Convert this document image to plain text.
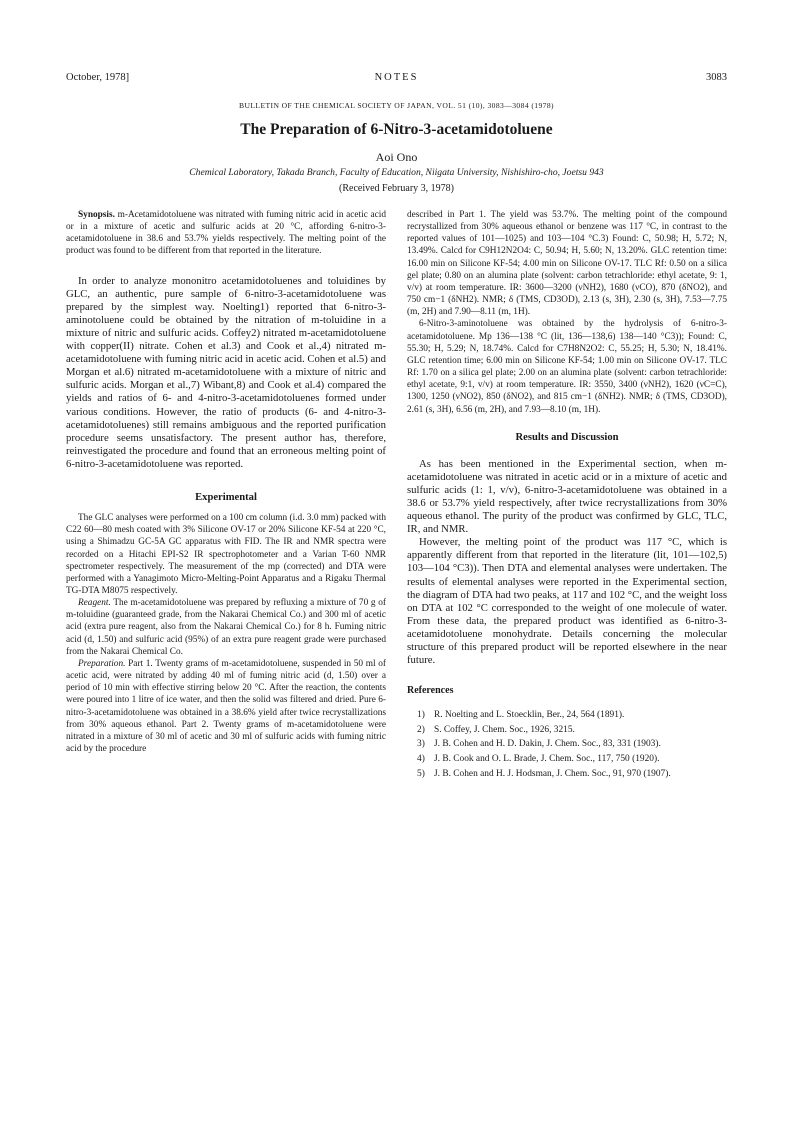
October, 1978]	NOTES	3083
BULLETIN OF THE CHEMICAL SOCIETY OF JAPAN, VOL. 51 (10), 3083—3084 (1978)
The Preparation of 6-Nitro-3-acetamidotoluene
Aoi Ono
Chemical Laboratory, Takada Branch, Faculty of Education, Niigata University, Nishishiro-cho, Joetsu 943
(Received February 3, 1978)

Synopsis. m-Acetamidotoluene was nitrated with fuming nitric acid in acetic acid or in a mixture of acetic and sulfuric acids at 20 °C, affording 6-nitro-3-acetamidotoluene in 38.6 and 53.7% yields respectively. The melting point of the product was found to be different from that reported in the literature.

In order to analyze mononitro acetamidotoluenes and toluidines by GLC, an authentic, pure sample of 6-nitro-3-acetamidotoluene was prepared by the simplest way. Noelting1) reported that 6-nitro-3-aminotoluene could be obtained by the nitration of m-toluidine in a mixture of nitric and sulfuric acids. Coffey2) nitrated m-acetamidotoluene with copper(II) nitrate. Cohen et al.3) and Cook et al.,4) nitrated m-acetamidotoluene with fuming nitric acid in acetic acid. Cohen et al.5) and Morgan et al.6) nitrated m-acetamidotoluene with a mixture of nitric and sulfuric acids. Morgan et al.,7) Wibant,8) and Cook et al.4) compared the yields and ratios of 6- and 4-nitro-3-acetamidotoluenes formed under various conditions. However, the ratio of products (6- and 4-nitro-3-acetamidotoluenes) still remains ambiguous and the reported purification procedure seems unsatisfactory. The present author has, therefore, reinvestigated the procedure and found that an erroneous melting point of 6-nitro-3-acetamidotoluene was reported.

Experimental

The GLC analyses were performed on a 100 cm column (i.d. 3.0 mm) packed with C22 60—80 mesh coated with 3% Silicone OV-17 or 20% Silicone KF-54 at 220 °C, using a Shimadzu GC-5A GC apparatus with FID. The IR and NMR spectra were recorded on a Hitachi EPI-S2 IR spectrophotometer and a Varian T-60 NMR spectrometer respectively. The measurement of the mp (corrected) and DTA were performed with a Yanagimoto Micro-Melting-Point Apparatus and a Rigaku Thermal TG-DTA M8075 respectively.

Reagent. The m-acetamidotoluene was prepared by refluxing a mixture of 70 g of m-toluidine (guaranteed grade, from the Nakarai Chemical Co.) and 300 ml of acetic acid (extra pure reagent, also from the Nakarai Chemical Co.) for 8 h. Fuming nitric acid (d, 1.50) and sulfuric acid (95%) of an extra pure reagent grade were purchased from the Nakarai Chemical Co.

Preparation. Part 1. Twenty grams of m-acetamidotoluene, suspended in 50 ml of acetic acid, were nitrated by adding 40 ml of fuming nitric acid (d, 1.50) over a period of 10 min with effective stirring below 20 °C. After the reaction, the contents were poured into 1 litre of ice water, and then the solid was filtered and dried. Pure 6-nitro-3-acetamidotoluene was obtained in a 38.6% yield after twice recrystallizations from 30% aqueous ethanol. Part 2. Twenty grams of m-acetamidotoluene were nitrated in a mixture of 30 ml of acetic and 30 ml of sulfuric acids with fuming nitric acid by the procedure

described in Part 1. The yield was 53.7%. The melting point of the compound recrystallized from 30% aqueous ethanol or benzene was 117 °C, in contrast to the reported values of 101—1025) and 103—104 °C.3) Found: C, 50.98; H, 5.72; N, 13.49%. Calcd for C9H12N2O4: C, 50.94; H, 5.60; N, 13.20%. GLC retention time: 16.00 min on Silicone KF-54; 4.00 min on Silicone OV-17. TLC Rf: 0.50 on a silica gel plate; 0.80 on an alumina plate (solvent: carbon tetrachloride: ethyl acetate, 9: 1, v/v) at room temperature. IR: 3600—3200 (νNH2), 1680 (νCO), 870 (δNO2), and 750 cm−1 (δNH2). NMR; δ (TMS, CD3OD), 2.13 (s, 3H), 2.30 (s, 3H), 7.53—7.75 (m, 2H) and 7.90—8.11 (m, 1H).

6-Nitro-3-aminotoluene was obtained by the hydrolysis of 6-nitro-3-acetamidotoluene. Mp 136—138 °C (lit, 136—138,6) 138—140 °C3)); Found: C, 55.30; H, 5.29; N, 18.74%. Calcd for C7H8N2O2: C, 55.25; H, 5.30; N, 18.41%. GLC retention time; 6.00 min on Silicone KF-54; 1.00 min on Silicone OV-17. TLC Rf: 1.70 on a silica gel plate; 2.00 on an alumina plate (solvent: carbon tetrachloride: ethyl acetate, 9:1, v/v) at room temperature. IR: 3550, 3400 (νNH2), 1620 (νC=C), 1300, 1250 (νNO2), 850 (δNO2), and 815 cm−1 (δNH2). NMR; δ (TMS, CD3OD), 2.61 (s, 3H), 6.56 (m, 2H), and 7.93—8.10 (m, 1H).

Results and Discussion

As has been mentioned in the Experimental section, when m-acetamidotoluene was nitrated in acetic acid or in a mixture of acetic and sulfuric acids (1: 1, v/v), 6-nitro-3-acetamidotoluene was obtained in a 38.6 or 53.7% yield respectively, after twice recrystallizations from 30% aqueous ethanol. The purity of the product was confirmed by GLC, TLC, IR, and NMR.

However, the melting point of the product was 117 °C, which is apparently different from that reported in the literature (lit, 101—102,5) 103—104 °C3)). Then DTA and elemental analyses were undertaken. The results of elemental analyses were reported in the Experimental section, the diagram of DTA had two peaks, at 117 and 102 °C, and the weight loss on DTA at 102 °C corresponded to the weight of one molecule of water. From these data, the prepared product was identified as 6-nitro-3-acetamidotoluene monohydrate. Details concerning the molecular structure of this prepared product will be reported elsewhere in the near future.

References
1) R. Noelting and L. Stoecklin, Ber., 24, 564 (1891).
2) S. Coffey, J. Chem. Soc., 1926, 3215.
3) J. B. Cohen and H. D. Dakin, J. Chem. Soc., 83, 331 (1903).
4) J. B. Cook and O. L. Brade, J. Chem. Soc., 117, 750 (1920).
5) J. B. Cohen and H. J. Hodsman, J. Chem. Soc., 91, 970 (1907).
